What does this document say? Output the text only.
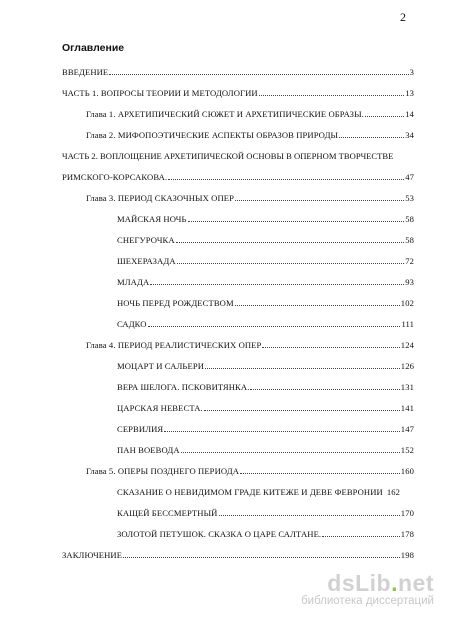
2
Оглавление
ВВЕДЕНИЕ	3
ЧАСТЬ 1. ВОПРОСЫ ТЕОРИИ И МЕТОДОЛОГИИ	13
Глава 1. АРХЕТИПИЧЕСКИЙ СЮЖЕТ И АРХЕТИПИЧЕСКИЕ ОБРАЗЫ.	14
Глава 2. МИФОПОЭТИЧЕСКИЕ АСПЕКТЫ ОБРАЗОВ ПРИРОДЫ	34
ЧАСТЬ 2. ВОПЛОЩЕНИЕ АРХЕТИПИЧЕСКОЙ ОСНОВЫ В ОПЕРНОМ ТВОРЧЕСТВЕ
РИМСКОГО-КОРСАКОВА.	47
Глава 3. ПЕРИОД СКАЗОЧНЫХ ОПЕР	53
МАЙСКАЯ НОЧЬ	58
СНЕГУРОЧКА	58
ШЕХЕРАЗАДА	72
МЛАДА	93
НОЧЬ ПЕРЕД РОЖДЕСТВОМ	102
САДКО	111
Глава 4. ПЕРИОД РЕАЛИСТИЧЕСКИХ ОПЕР	124
МОЦАРТ И САЛЬЕРИ	126
ВЕРА ШЕЛОГА. ПСКОВИТЯНКА.	131
ЦАРСКАЯ НЕВЕСТА.	141
СЕРВИЛИЯ	147
ПАН ВОЕВОДА	152
Глава 5. ОПЕРЫ ПОЗДНЕГО ПЕРИОДА	160
СКАЗАНИЕ О НЕВИДИМОМ ГРАДЕ КИТЕЖЕ И ДЕВЕ ФЕВРОНИИ 162
КАЩЕЙ БЕССМЕРТНЫЙ	170
ЗОЛОТОЙ ПЕТУШОК. СКАЗКА О ЦАРЕ САЛТАНЕ.	178
ЗАКЛЮЧЕНИЕ	198
dsLib.net
библиотека диссертаций
